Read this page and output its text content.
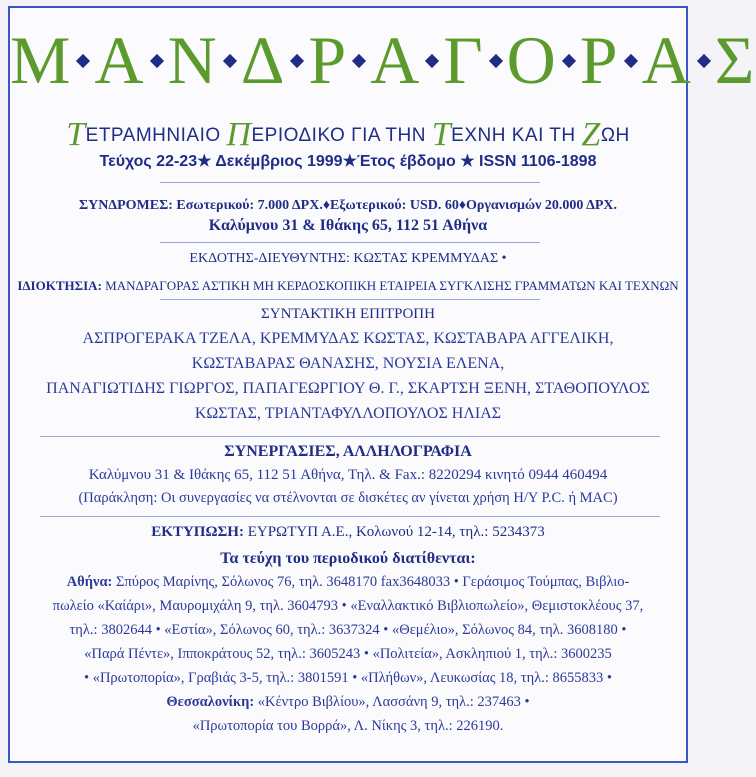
Μ Α Ν Δ Ρ Α Γ Ο Ρ Α Σ
ΤΕΤΡΑΜΗΝΙΑΙΟ ΠΕΡΙΟΔΙΚΟ ΓΙΑ ΤΗΝ ΤΕΧΝΗ ΚΑΙ ΤΗ ΖΩΗ
Τεύχος 22-23★ Δεκέμβριος 1999★Έτος έβδομο ★ ISSN 1106-1898
ΣΥΝΔΡΟΜΕΣ: Εσωτερικού: 7.000 ΔΡΧ.♦Εξωτερικού: USD. 60♦Οργανισμών 20.000 ΔΡΧ.
Καλύμνου 31 & Ιθάκης 65, 112 51 Αθήνα
ΕΚΔΟΤΗΣ-ΔΙΕΥΘΥΝΤΗΣ: ΚΩΣΤΑΣ ΚΡΕΜΜΥΔΑΣ •
ΙΔΙΟΚΤΗΣΙΑ: ΜΑΝΔΡΑΓΟΡΑΣ ΑΣΤΙΚΗ ΜΗ ΚΕΡΔΟΣΚΟΠΙΚΗ ΕΤΑΙΡΕΙΑ ΣΥΓΚΛΙΣΗΣ ΓΡΑΜΜΑΤΩΝ ΚΑΙ ΤΕΧΝΩΝ
ΣΥΝΤΑΚΤΙΚΗ ΕΠΙΤΡΟΠΗ
ΑΣΠΡΟΓΕΡΑΚΑ ΤΖΕΛΑ, ΚΡΕΜΜΥΔΑΣ ΚΩΣΤΑΣ, ΚΩΣΤΑΒΑΡΑ ΑΓΓΕΛΙΚΗ,
ΚΩΣΤΑΒΑΡΑΣ ΘΑΝΑΣΗΣ, ΝΟΥΣΙΑ ΕΛΕΝΑ,
ΠΑΝΑΓΙΩΤΙΔΗΣ ΓΙΩΡΓΟΣ, ΠΑΠΑΓΕΩΡΓΙΟΥ Θ. Γ., ΣΚΑΡΤΣΗ ΞΕΝΗ, ΣΤΑΘΟΠΟΥΛΟΣ
ΚΩΣΤΑΣ, ΤΡΙΑΝΤΑΦΥΛΛΟΠΟΥΛΟΣ ΗΛΙΑΣ
ΣΥΝΕΡΓΑΣΙΕΣ, ΑΛΛΗΛΟΓΡΑΦΙΑ
Καλύμνου 31 & Ιθάκης 65, 112 51 Αθήνα, Τηλ. & Fax.: 8220294 κινητό 0944 460494
(Παράκληση: Οι συνεργασίες να στέλνονται σε δισκέτες αν γίνεται χρήση Η/Υ P.C. ή MAC)
ΕΚΤΥΠΩΣΗ: ΕΥΡΩΤΥΠ Α.Ε., Κολωνού 12-14, τηλ.: 5234373
Τα τεύχη του περιοδικού διατίθενται:
Αθήνα: Σπύρος Μαρίνης, Σόλωνος 76, τηλ. 3648170 fax3648033 • Γεράσιμος Τούμπας, Βιβλιο-
πωλείο «Καίάρι», Μαυρομιχάλη 9, τηλ. 3604793 • «Εναλλακτικό Βιβλιοπωλείο», Θεμιστοκλέους 37,
τηλ.: 3802644 • «Εστία», Σόλωνος 60, τηλ.: 3637324 • «Θεμέλιο», Σόλωνος 84, τηλ. 3608180 •
«Παρά Πέντε», Ιπποκράτους 52, τηλ.: 3605243 • «Πολιτεία», Ασκληπιού 1, τηλ.: 3600235
• «Πρωτοπορία», Γραβιάς 3-5, τηλ.: 3801591 • «Πλήθων», Λευκωσίας 18, τηλ.: 8655833 •
Θεσσαλονίκη: «Κέντρο Βιβλίου», Λασσάνη 9, τηλ.: 237463 •
«Πρωτοπορία του Βορρά», Λ. Νίκης 3, τηλ.: 226190.
